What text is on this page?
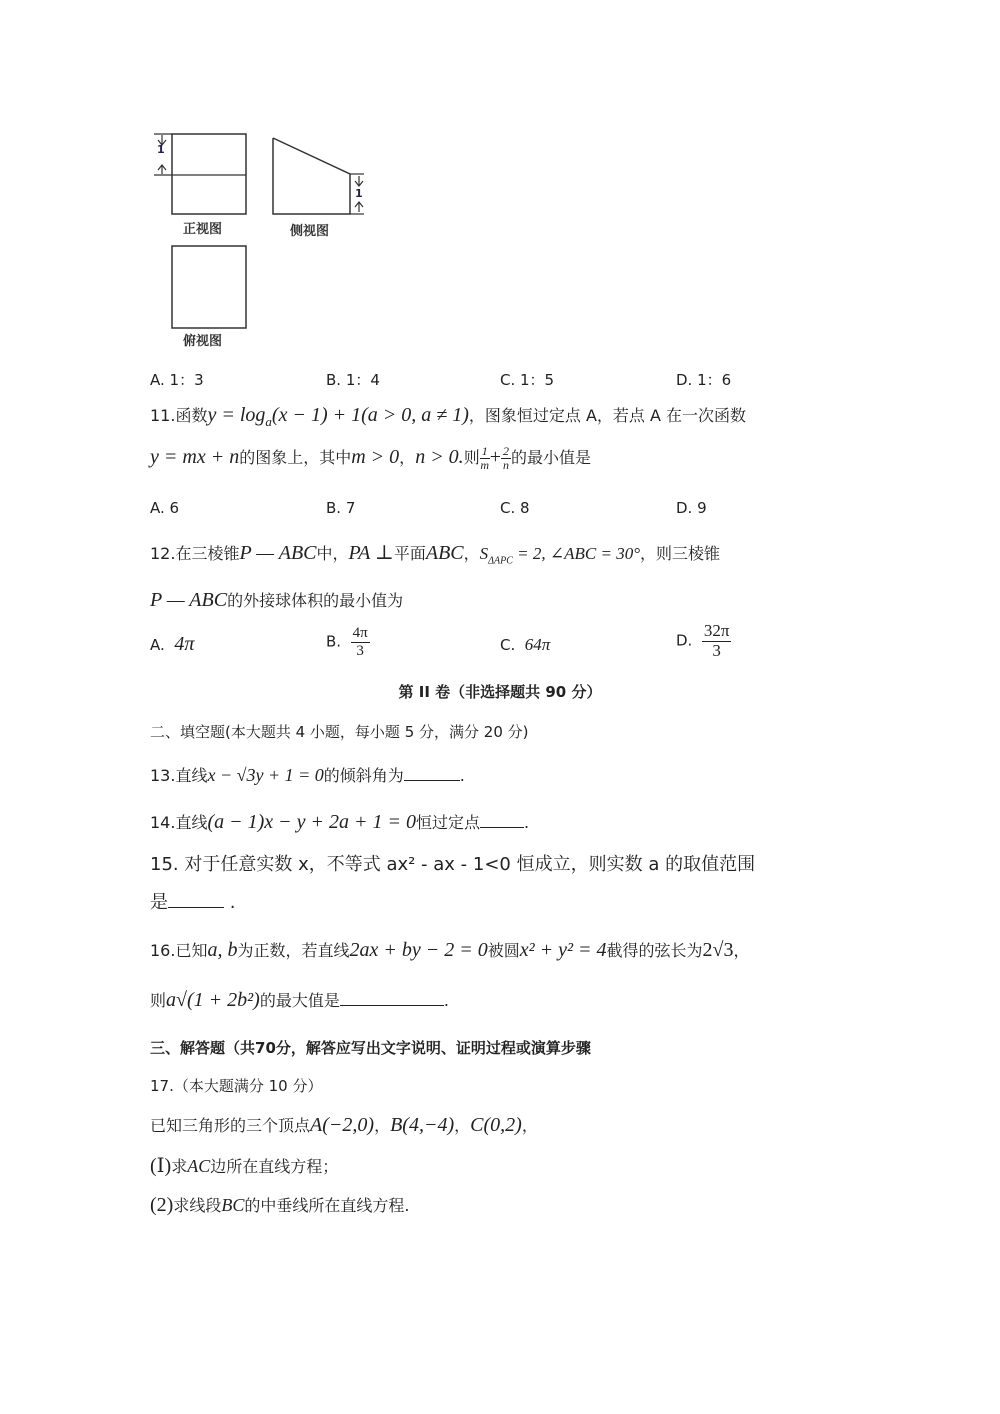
1
1
正视图	侧视图
俯视图
A. 1：3	B. 1：4	C. 1：5	D. 1：6
11.函数$y = \log_a(x - 1) + 1(a > 0$, a ≠ 1)，图象恒过定点 A，若点 A 在一次函数
y = mx + n的图象上，其中m > 0，n > 0.则 $\frac{1}{m} + \frac{2}{n}$ 的最小值是
A. 6	B. 7	C. 8	D. 9
12.在三棱锥P — ABC中，PA ⊥平面ABC，$S_{\Delta APC} = 2$, ∠ABC = 30°，则三棱锥
P — ABC的外接球体积的最小值为
A. 4π	B. $\frac{4\pi}{3}$	C. 64π	D. $\frac{32\pi}{3}$
第 II 卷（非选择题共 90 分）
二、填空题(本大题共 4 小题，每小题 5 分，满分 20 分)
13.直线x − √3y + 1 = 0的倾斜角为	.
14.直线(a − 1)x − y + 2a + 1 = 0恒过定点	.
15. 对于任意实数 x，不等式 ax² - ax - 1<0 恒成立，则实数 a 的取值范围
是	.
16.已知a, b为正数，若直线2ax + by − 2 = 0被圆x² + y² = 4截得的弦长为2√3，
则a√(1 + 2b²)的最大值是	.
三、解答题（共70分，解答应写出文字说明、证明过程或演算步骤
17.（本大题满分 10 分）
已知三角形的三个顶点A(−2,0)，B(4,−4)，C(0,2)，
(Ⅰ)求AC边所在直线方程；
(2)求线段BC的中垂线所在直线方程.
